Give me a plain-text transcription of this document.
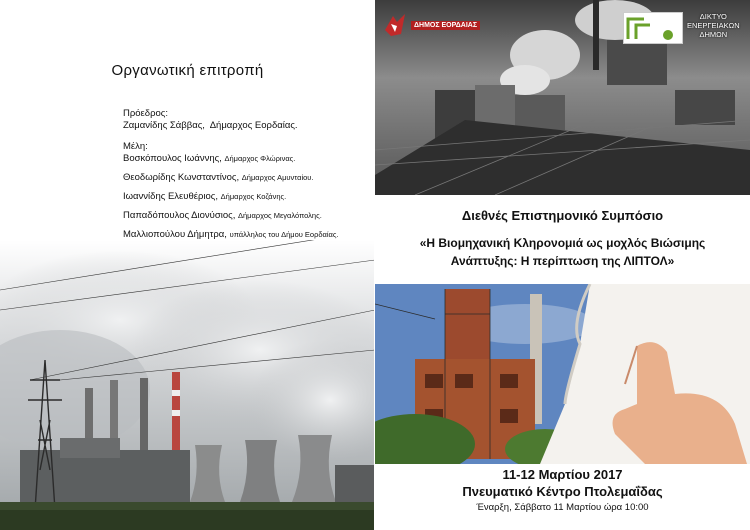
Οργανωτική επιτροπή
Πρόεδρος:
Ζαμανίδης Σάββας, Δήμαρχος Εορδαίας.
Μέλη:
Βοσκόπουλος Ιωάννης, Δήμαρχος Φλώρινας.
Θεοδωρίδης Κωνσταντίνος, Δήμαρχος Αμυνταίου.
Ιωαννίδης Ελευθέριος, Δήμαρχος Κοζάνης.
Παπαδόπουλος Διονύσιος, Δήμαρχος Μεγαλόπολης.
Μαλλιοπούλου Δήμητρα, υπάλληλος του Δήμου Εορδαίας.
ΔΗΜΟΣ ΕΟΡΔΑΙΑΣ
ΔΙΚΤΥΟ
ΕΝΕΡΓΕΙΑΚΩΝ
ΔΗΜΩΝ
Διεθνές Επιστημονικό Συμπόσιο
«Η Βιομηχανική Κληρονομιά ως μοχλός Βιώσιμης
Ανάπτυξης: Η περίπτωση της ΛΙΠΤΟΛ»
11-12 Μαρτίου 2017
Πνευματικό Κέντρο Πτολεμαΐδας
Έναρξη, Σάββατο 11 Μαρτίου ώρα 10:00
